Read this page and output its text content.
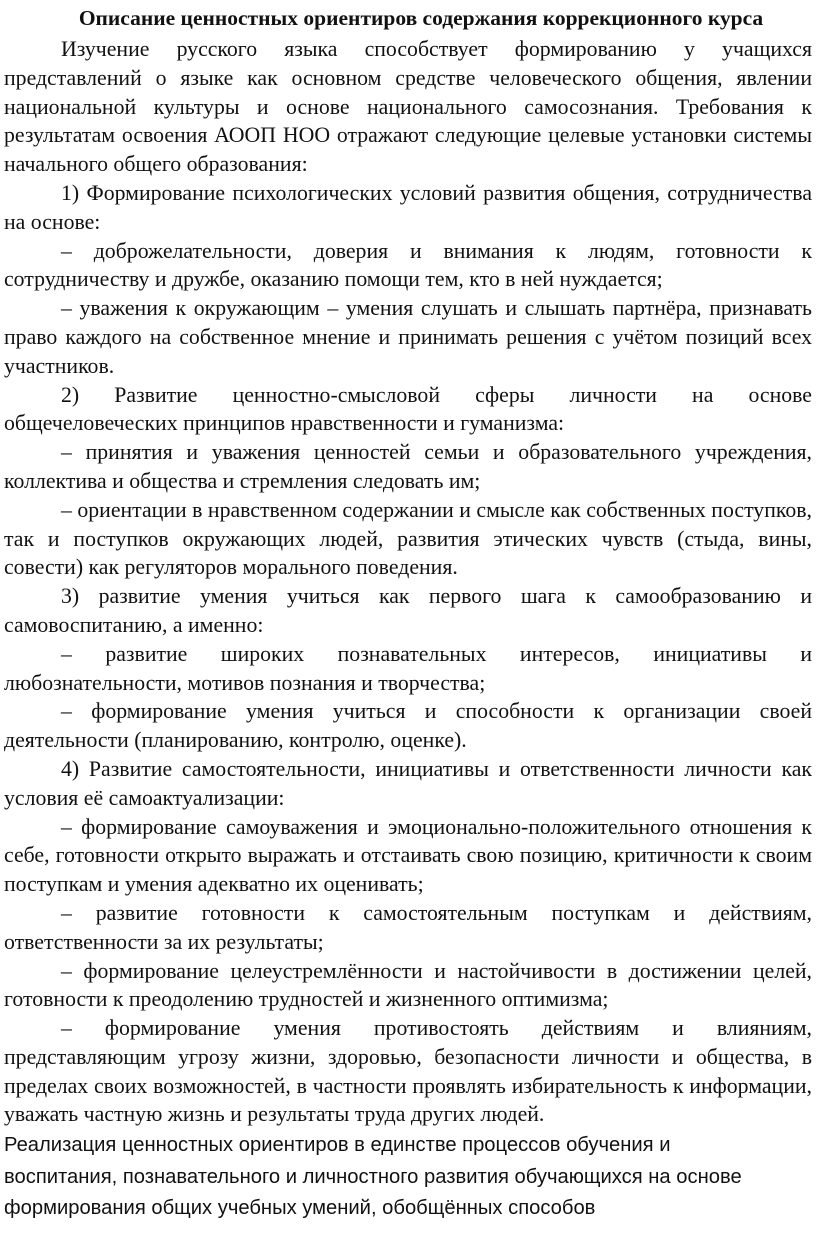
Описание ценностных ориентиров содержания коррекционного курса

Изучение русского языка способствует формированию у учащихся представлений о языке как основном средстве человеческого общения, явлении национальной культуры и основе национального самосознания. Требования к результатам освоения АООП НОО отражают следующие целевые установки системы начального общего образования:

1) Формирование психологических условий развития общения, сотрудничества на основе:

– доброжелательности, доверия и внимания к людям, готовности к сотрудничеству и дружбе, оказанию помощи тем, кто в ней нуждается;

– уважения к окружающим – умения слушать и слышать партнёра, признавать право каждого на собственное мнение и принимать решения с учётом позиций всех участников.

2) Развитие ценностно-смысловой сферы личности на основе общечеловеческих принципов нравственности и гуманизма:

– принятия и уважения ценностей семьи и образовательного учреждения, коллектива и общества и стремления следовать им;

– ориентации в нравственном содержании и смысле как собственных поступков, так и поступков окружающих людей, развития этических чувств (стыда, вины, совести) как регуляторов морального поведения.

3) развитие умения учиться как первого шага к самообразованию и самовоспитанию, а именно:

– развитие широких познавательных интересов, инициативы и любознательности, мотивов познания и творчества;

– формирование умения учиться и способности к организации своей деятельности (планированию, контролю, оценке).

4) Развитие самостоятельности, инициативы и ответственности личности как условия её самоактуализации:

– формирование самоуважения и эмоционально-положительного отношения к себе, готовности открыто выражать и отстаивать свою позицию, критичности к своим поступкам и умения адекватно их оценивать;

– развитие готовности к самостоятельным поступкам и действиям, ответственности за их результаты;

– формирование целеустремлённости и настойчивости в достижении целей, готовности к преодолению трудностей и жизненного оптимизма;

– формирование умения противостоять действиям и влияниям, представляющим угрозу жизни, здоровью, безопасности личности и общества, в пределах своих возможностей, в частности проявлять избирательность к информации, уважать частную жизнь и результаты труда других людей.

Реализация ценностных ориентиров в единстве процессов обучения и воспитания, познавательного и личностного развития обучающихся на основе формирования общих учебных умений, обобщённых способов
